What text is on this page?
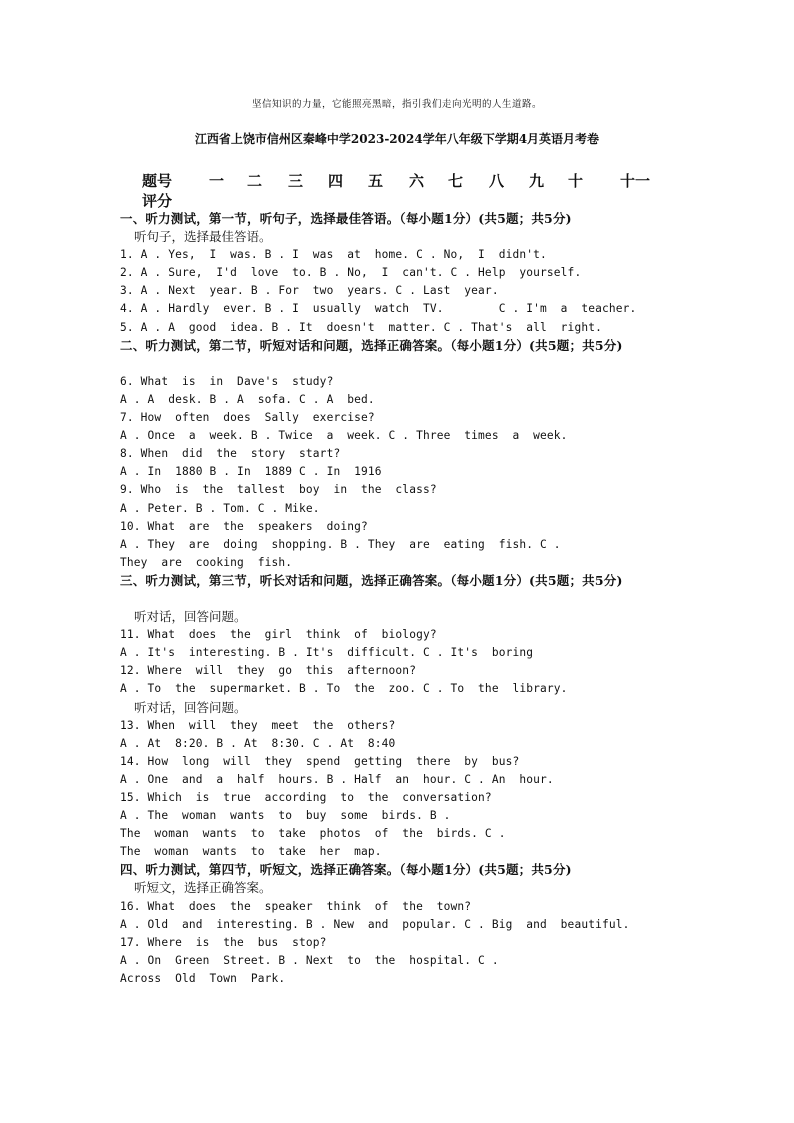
坚信知识的力量，它能照亮黑暗，指引我们走向光明的人生道路。
江西省上饶市信州区秦峰中学2023-2024学年八年级下学期4月英语月考卷
题号 一 二 三 四 五 六 七 八 九 十 十一
评分
一、听力测试，第一节，听句子，选择最佳答语。（每小题1分）(共5题；共5分)
听句子，选择最佳答语。
1. A . Yes,  I  was. B . I  was  at  home. C . No,  I  didn't.
2. A . Sure,  I'd  love  to. B . No,  I  can't. C . Help  yourself.
3. A . Next  year. B . For  two  years. C . Last  year.
4. A . Hardly  ever. B . I  usually  watch  TV.        C . I'm  a  teacher.
5. A . A  good  idea. B . It  doesn't  matter. C . That's  all  right.
二、听力测试，第二节，听短对话和问题，选择正确答案。（每小题1分）(共5题；共5分)
6. What  is  in  Dave's  study?
A . A  desk. B . A  sofa. C . A  bed.
7. How  often  does  Sally  exercise?
A . Once  a  week. B . Twice  a  week. C . Three  times  a  week.
8. When  did  the  story  start?
A . In  1880 B . In  1889 C . In  1916
9. Who  is  the  tallest  boy  in  the  class?
A . Peter. B . Tom. C . Mike.
10. What  are  the  speakers  doing?
A . They  are  doing  shopping. B . They  are  eating  fish. C .
They  are  cooking  fish.
三、听力测试，第三节，听长对话和问题，选择正确答案。（每小题1分）(共5题；共5分)
听对话，回答问题。
11. What  does  the  girl  think  of  biology?
A . It's  interesting. B . It's  difficult. C . It's  boring
12. Where  will  they  go  this  afternoon?
A . To  the  supermarket. B . To  the  zoo. C . To  the  library.
听对话，回答问题。
13. When  will  they  meet  the  others?
A . At  8:20. B . At  8:30. C . At  8:40
14. How  long  will  they  spend  getting  there  by  bus?
A . One  and  a  half  hours. B . Half  an  hour. C . An  hour.
15. Which  is  true  according  to  the  conversation?
A . The  woman  wants  to  buy  some  birds. B .
The  woman  wants  to  take  photos  of  the  birds. C .
The  woman  wants  to  take  her  map.
四、听力测试，第四节，听短文，选择正确答案。（每小题1分）(共5题；共5分)
听短文，选择正确答案。
16. What  does  the  speaker  think  of  the  town?
A . Old  and  interesting. B . New  and  popular. C . Big  and  beautiful.
17. Where  is  the  bus  stop?
A . On  Green  Street. B . Next  to  the  hospital. C .
Across  Old  Town  Park.
